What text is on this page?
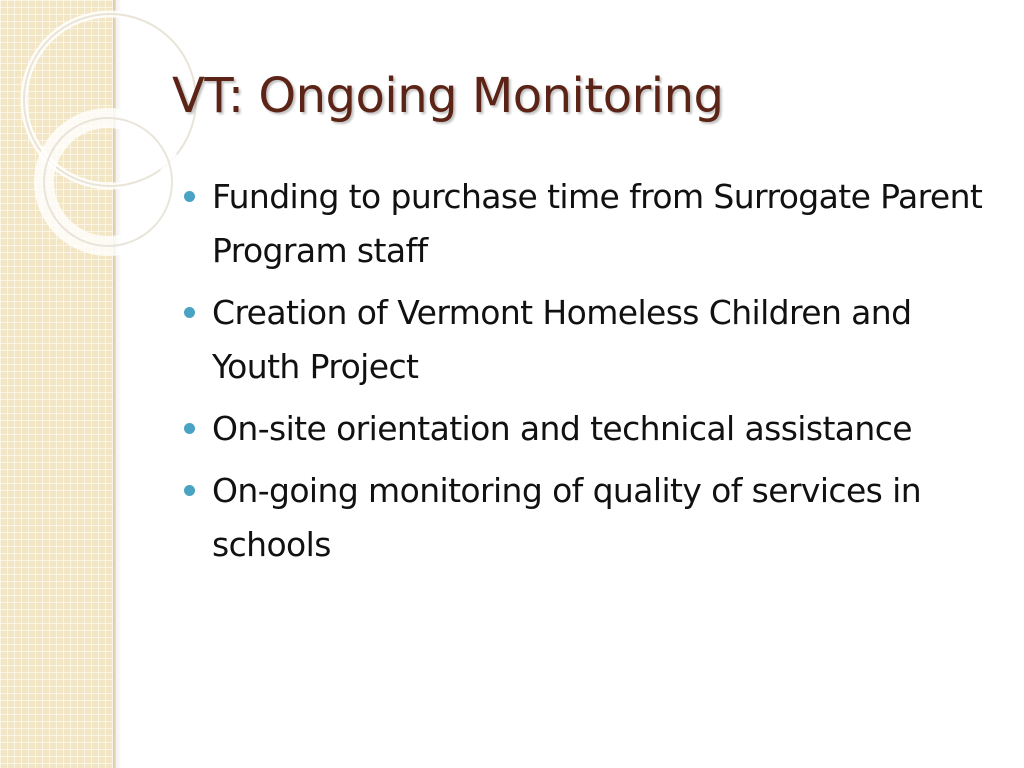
VT: Ongoing Monitoring
Funding to purchase time from Surrogate Parent Program staff
Creation of Vermont Homeless Children and Youth Project
On-site orientation and technical assistance
On-going monitoring of quality of services in schools
